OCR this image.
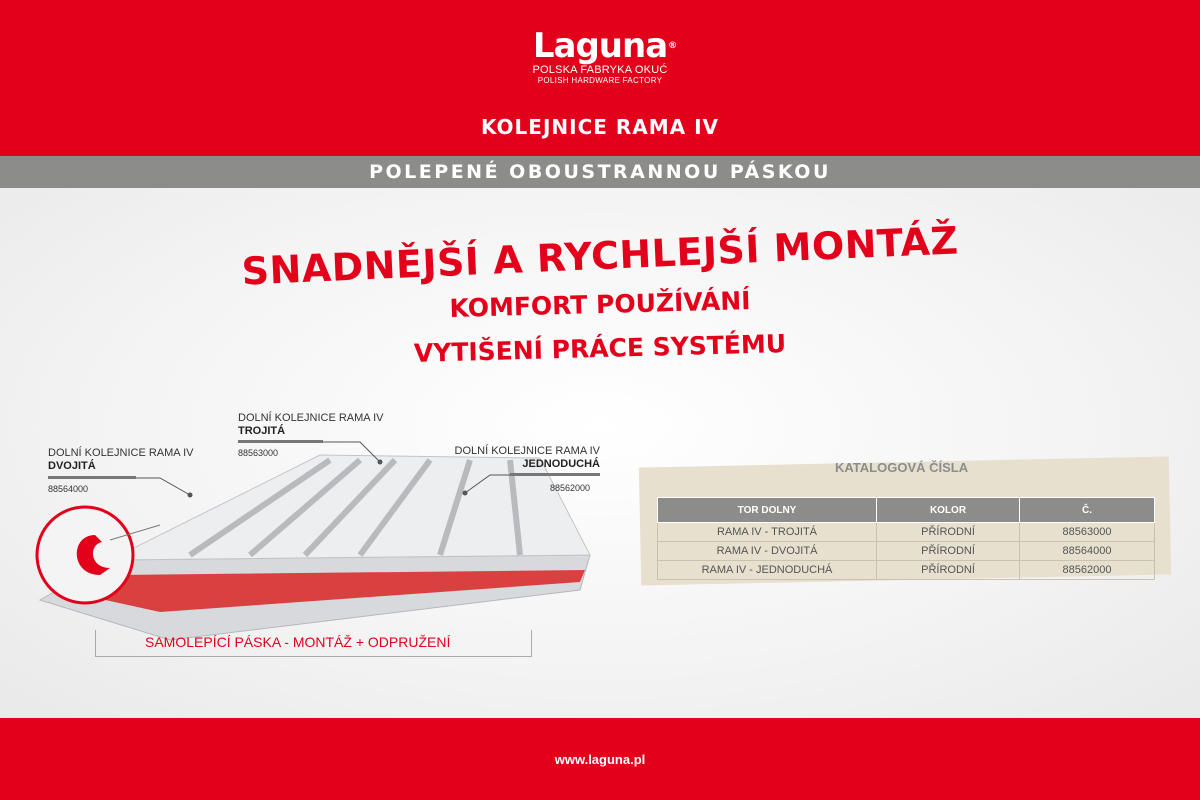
Laguna ®
POLSKA FABRYKA OKUĆ
POLISH HARDWARE FACTORY
KOLEJNICE RAMA IV
POLEPENÉ OBOUSTRANNOU PÁSKOU
SNADNĚJŠÍ A RYCHLEJŠÍ MONTÁŽ
KOMFORT POUŽÍVÁNÍ
VYTIŠENÍ PRÁCE SYSTÉMU
DOLNÍ KOLEJNICE RAMA IV
DVOJITÁ
88564000
DOLNÍ KOLEJNICE RAMA IV
TROJITÁ
88563000	DOLNÍ KOLEJNICE RAMA IV
JEDNODUCHÁ
88562000
SAMOLEPÍCÍ PÁSKA - MONTÁŽ + ODPRUŽENÍ
KATALOGOVÁ ČÍSLA
TOR DOLNY	KOLOR	Č.
RAMA IV - TROJITÁ	PŘÍRODNÍ	88563000
RAMA IV - DVOJITÁ	PŘÍRODNÍ	88564000
RAMA IV - JEDNODUCHÁ	PŘÍRODNÍ	88562000
www.laguna.pl
